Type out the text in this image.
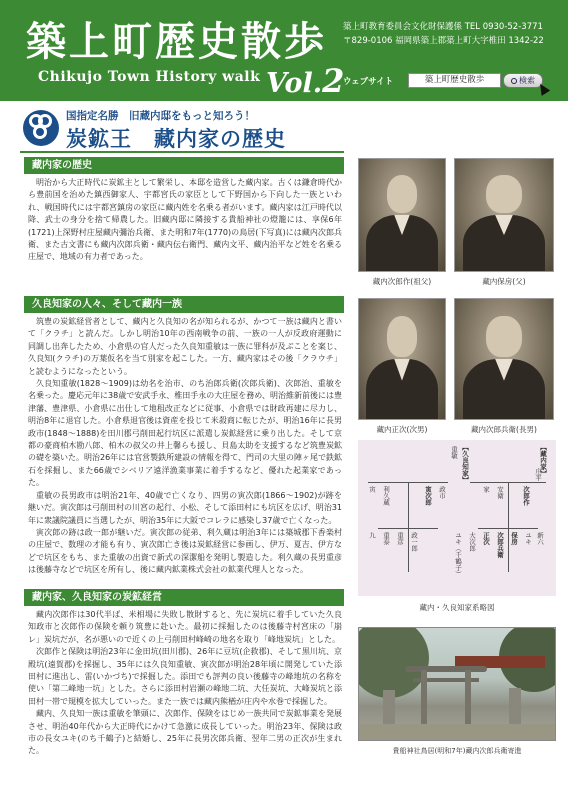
築上町歴史散歩
Chikujo Town History walk Vol.2
築上町教育委員会文化財保護係 TEL 0930-52-3771
〒829-0106 福岡県築上郡築上町大字椎田 1342-22
ウェブサイト	築上町歴史散歩	検索
国指定名勝　旧蔵内邸をもっと知ろう！
炭鉱王　藏内家の歴史
藏内家の歴史

明治から大正時代に炭鉱主として繁栄し、本邸を造営した藏内家。古くは鎌倉時代から豊前国を治めた鎮西御家人、宇都宮氏の家臣として下野国から下向した一族といわれ、戦国時代には宇都宮鎮房の家臣に藏内姓を名乗る者がいます。藏内家は江戸時代以降、武士の身分を捨て帰農した。旧藏内邸に隣接する貴船神社の燈籠には、享保6年(1721)上深野村庄屋藏内彌治兵衛、また明和7年(1770)の鳥居(下写真)には藏内次郎兵衛、また古文書にも藏内次郎兵衛・藏内伝右衛門、藏内文平、藏内治平など姓を名乗る庄屋で、地域の有力者であった。

久良知家の人々、そして藏内一族

筑豊の炭鉱経営者として、藏内と久良知の名が知られるが、かつて一族は藏内と書いて「クラチ」と読んだ。しかし明治10年の西南戦争の前、一族の一人が反政府運動に同調し出奔したため、小倉県の官人だった久良知重敏は一族に罪科が及ぶことを案じ、久良知(クラチ)の万葉仮名を当て別家を起こした。一方、藏内家はその後「クラウチ」と読むようになったという。

久良知重敏(1828～1909)は幼名を治市、のち治郎兵衛(次郎兵衛)、次郎治、重敏を名乗った。慶応元年に38歳で安武手永、椎田手永の大庄屋を務め、明治維新前後には豊津藩、豊津県、小倉県に出仕して地租改正などに従事、小倉県では財政再建に尽力し、明治8年に退官した。小倉県退官後は資産を投じて米殺商に転じたが、明治16年に長男政市(1848～1888)を田川郡弓削田起行坑区に派遣し炭鉱経営に乗り出した。そして京都の豪商柏木勘八郎、柏木の叔父の井上馨らも援し、貝島太助を支援するなど筑豊炭鉱の礎を築いた。明治26年には官営製鉄所建設の情報を得て、門司の大里の陣ヶ尾で鉄鉱石を採掘し、また66歳でシベリア遠洋漁業事業に着手するなど、優れた起業家であった。

重敏の長男政市は明治21年、40歳で亡くなり、四男の寅次郎(1866～1902)が跡を継いだ。寅次郎は弓削田村の川宮の起行、小松、そして添田村にも坑区を広げ、明治31年に衆議院議員に当選したが、明治35年に大阪でコレラに感染し37歳で亡くなった。

寅次郎の跡は政一郎が継いだ。寅次郎の従弟、利久蔵は明治3年には築城郡下香楽村の庄屋で、数理の才能も有り、寅次郎亡き後は炭鉱経営に参画し、伊万、夏吉、伊方などで坑区をもち、また重敏の出資で新式の深潔船を発明し製造した。利久蔵の長男重彦は後藤寺などで坑区を所有し、後に藏内鉱業株式会社の鉱業代理人となった。

藏内家、久良知家の炭鉱経営

藏内次郎作は30代半ば、米相場に失敗し散財すると、先に炭坑に着手していた久良知政市と次郎作の保険を頼り筑豊に赴いた。最初に採掘したのは後藤寺村宮床の「崩レ」炭坑だが、名が悪いので近くの上弓削田村峰崎の地名を取り「峰地炭坑」とした。

次郎作と保険は明治23年に金田坑(田川郡)、26年に豆坑(企救郡)、そして黒川坑、京殿坑(遠賀郡)を採掘し、35年には久良知重敏、寅次郎が明治28年頃に開発していた添田村に進出し、雷(いかづち)で採掘した。添田でも評判の良い後藤寺の峰地坑の名称を使い「第二峰地一坑」とした。さらに添田村岩瀬の峰地二坑、大任炭坑、大峰炭坑と添田村一帯で規模を拡大していった。また一族では藏内熊楢が庄内や水巻で採掘した。

藏内、久良知一族は重敏を筆頭に、次郎作、保険をはじめ一族共同で炭鉱事業を発展させ、明治40年代から大正時代にかけて急激に成長していった。明治23年、保険は政市の長女ユキ(のち千鶴子)と結婚し、25年に長男次郎兵衛、翌年二男の正次が生まれた。

藏内次郎作(祖父)	藏内保房(父)
藏内正次(次男)	藏内次郎兵衛(長男)
【久良知家】	【藏内家】
重敏
政市
寅次郎
政一郎
重彦
利久蔵
九	ユキ（千鶴子）
重泰
寅
庄平
次郎作
保房
次郎兵衛
正次	ユキ 新六
大次郎
安衛
家
藏内・久良知家系略図
貴船神社鳥居(明和7年)藏内次郎兵衛寄進
